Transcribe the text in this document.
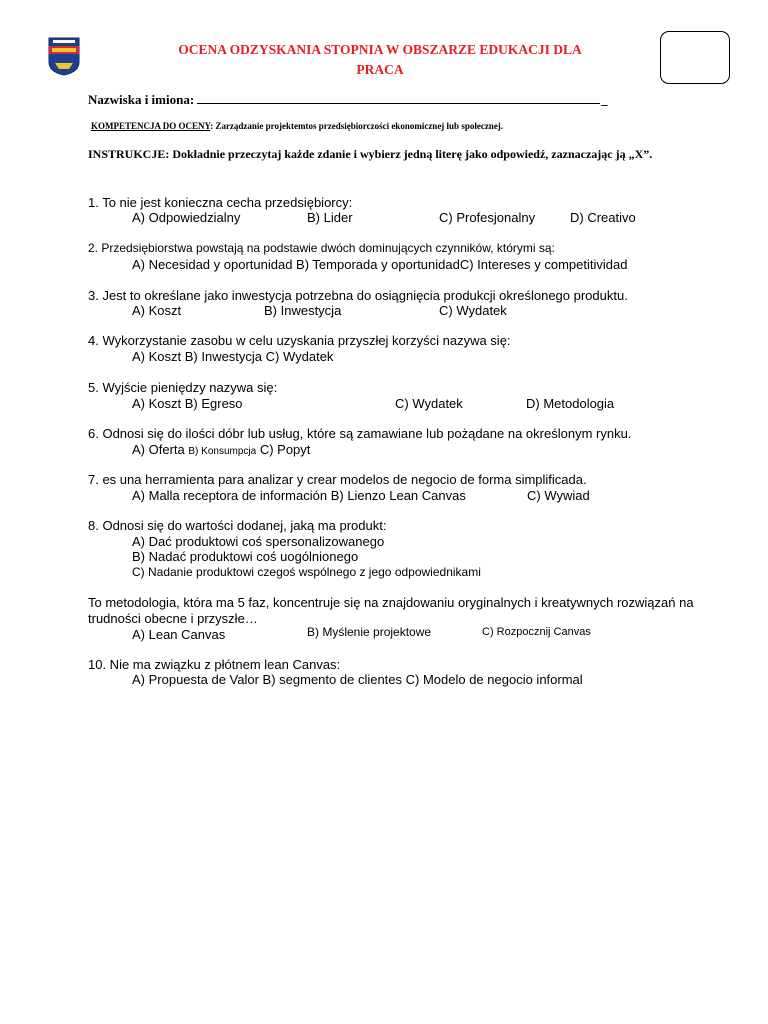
OCENA ODZYSKANIA STOPNIA W OBSZARZE EDUKACJI DLA
PRACA
Nazwiska i imiona:	_
KOMPETENCJA DO OCENY: Zarządzanie projektemtos przedsiębiorczości ekonomicznej lub społecznej.
INSTRUKCJE: Dokładnie przeczytaj każde zdanie i wybierz jedną literę jako odpowiedź, zaznaczając ją „X”.
1. To nie jest konieczna cecha przedsiębiorcy:
A) Odpowiedzialny	B) Lider	C) Profesjonalny	D) Creativo
2. Przedsiębiorstwa powstają na podstawie dwóch dominujących czynników, którymi są:
A) Necesidad y oportunidad B) Temporada y oportunidadC) Intereses y competitividad
3. Jest to określane jako inwestycja potrzebna do osiągnięcia produkcji określonego produktu.
A) Koszt	B) Inwestycja	C) Wydatek
4. Wykorzystanie zasobu w celu uzyskania przyszłej korzyści nazywa się:
A) Koszt B) Inwestycja C) Wydatek
5. Wyjście pieniędzy nazywa się:
A) Koszt B) Egreso	C) Wydatek	D) Metodologia
6. Odnosi się do ilości dóbr lub usług, które są zamawiane lub pożądane na określonym rynku.
A) Oferta B) Konsumpcja C) Popyt
7. es una herramienta para analizar y crear modelos de negocio de forma simplificada.
A) Malla receptora de información B) Lienzo Lean Canvas	C) Wywiad
8. Odnosi się do wartości dodanej, jaką ma produkt:
A) Dać produktowi coś spersonalizowanego
B) Nadać produktowi coś uogólnionego
C) Nadanie produktowi czegoś wspólnego z jego odpowiednikami
To metodologia, która ma 5 faz, koncentruje się na znajdowaniu oryginalnych i kreatywnych rozwiązań na
trudności obecne i przyszłe…
A) Lean Canvas	B) Myślenie projektowe	C) Rozpocznij Canvas
10. Nie ma związku z płótnem lean Canvas:
A) Propuesta de Valor B) segmento de clientes C) Modelo de negocio informal
